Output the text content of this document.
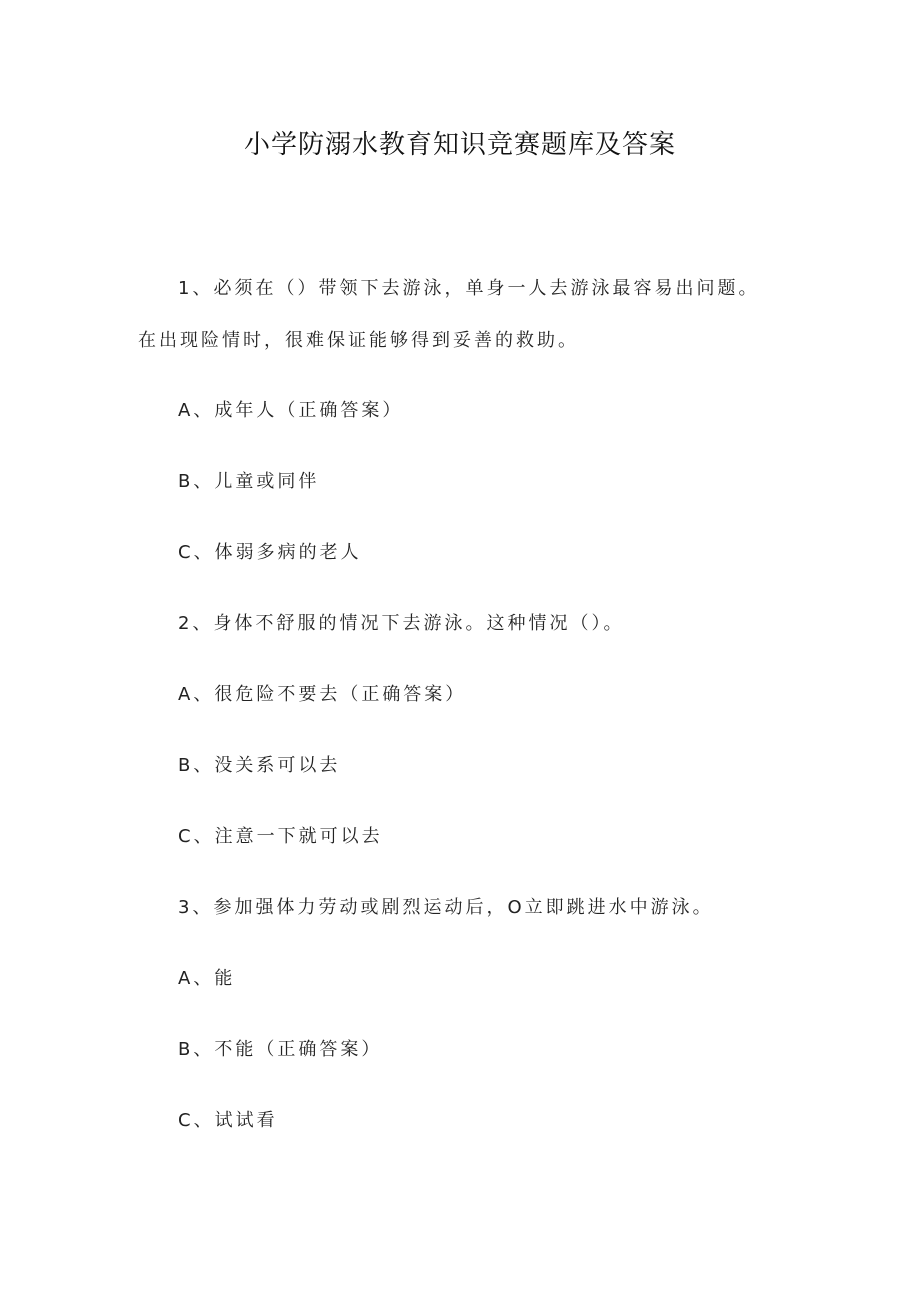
小学防溺水教育知识竞赛题库及答案
1、必须在（）带领下去游泳，单身一人去游泳最容易出问题。
在出现险情时，很难保证能够得到妥善的救助。
A、成年人（正确答案）
B、儿童或同伴
C、体弱多病的老人
2、身体不舒服的情况下去游泳。这种情况（）。
A、很危险不要去（正确答案）
B、没关系可以去
C、注意一下就可以去
3、参加强体力劳动或剧烈运动后，O立即跳进水中游泳。
A、能
B、不能（正确答案）
C、试试看
